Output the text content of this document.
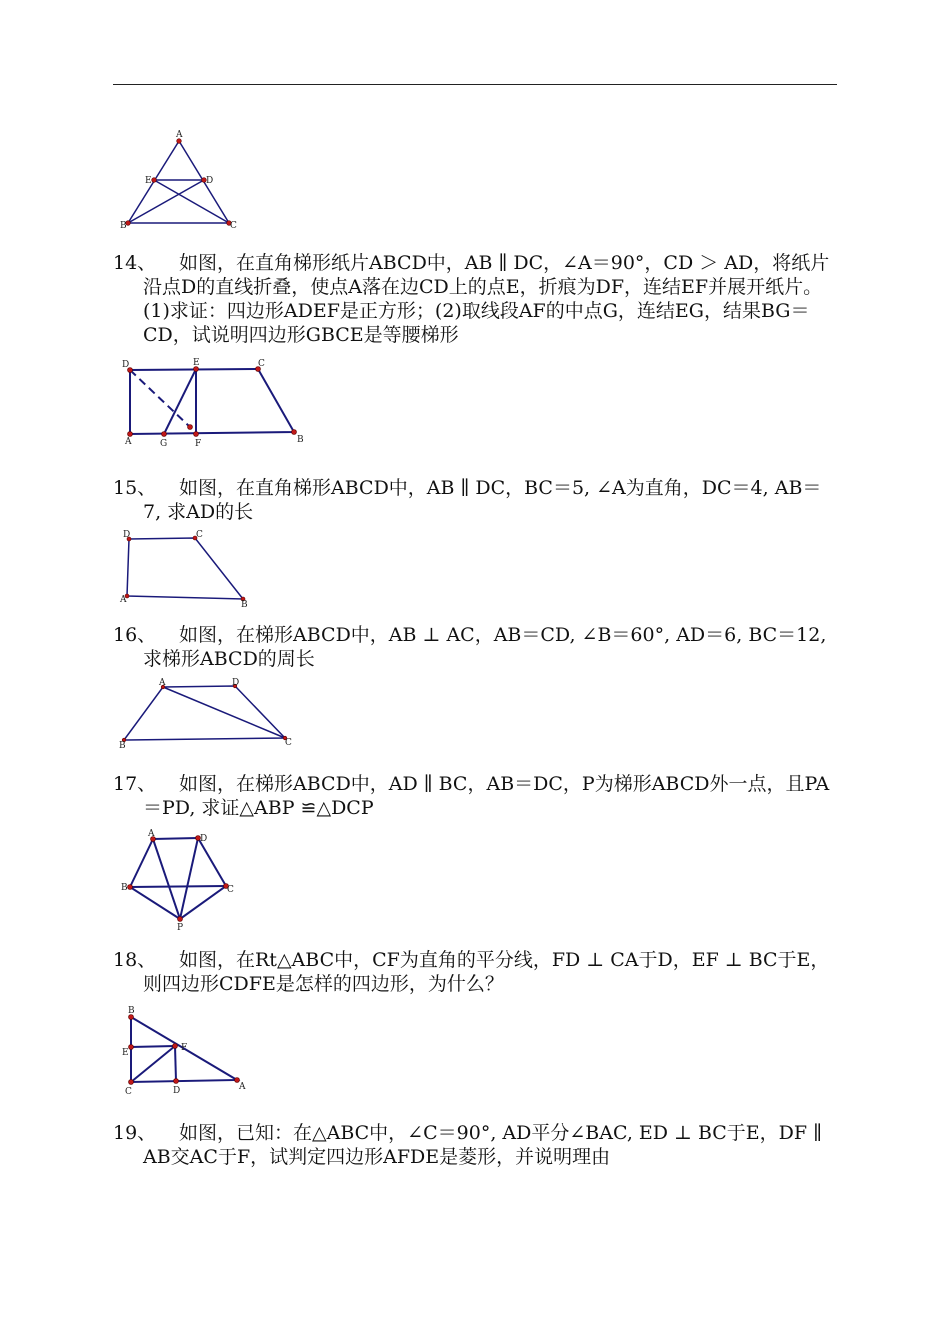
A
E	D
B	C
14、	如图，在直角梯形纸片ABCD中，AB ∥ DC，∠A＝90°，CD ＞ AD，将纸片沿点D的直线折叠，使点A落在边CD上的点E，折痕为DF，连结EF并展开纸片。(1)求证：四边形ADEF是正方形；(2)取线段AF的中点G，连结EG，结果BG＝CD，试说明四边形GBCE是等腰梯形
D	E	C
A	G	F	B
15、	如图，在直角梯形ABCD中，AB ∥ DC，BC＝5, ∠A为直角，DC＝4, AB＝7, 求AD的长
D	C
A	B
16、	如图，在梯形ABCD中，AB ⊥ AC，AB＝CD, ∠B＝60°, AD＝6, BC＝12, 求梯形ABCD的周长
A	D
B	C
17、	如图，在梯形ABCD中，AD ∥ BC，AB＝DC，P为梯形ABCD外一点，且PA＝PD, 求证△ABP ≌△DCP
A	D
B	C
P
18、	如图，在Rt△ABC中，CF为直角的平分线，FD ⊥ CA于D，EF ⊥ BC于E，则四边形CDFE是怎样的四边形，为什么？
B
E	F
C	D	A
19、	如图，已知：在△ABC中，∠C＝90°, AD平分∠BAC, ED ⊥ BC于E，DF ∥ AB交AC于F，试判定四边形AFDE是菱形，并说明理由
